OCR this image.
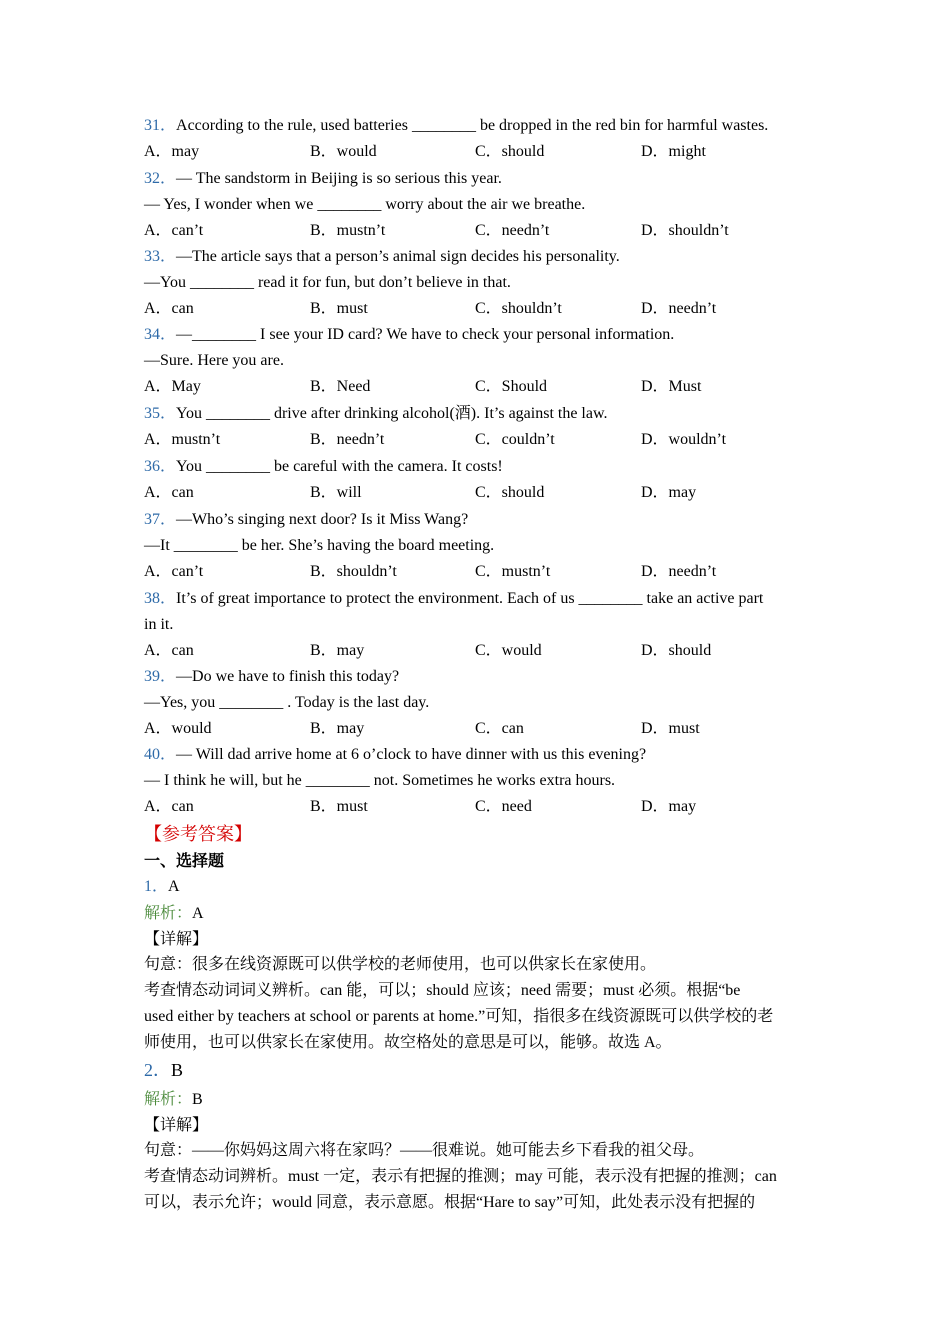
31．According to the rule, used batteries ________ be dropped in the red bin for harmful wastes.
A．may	B．would	C．should	D．might
32．— The sandstorm in Beijing is so serious this year.
— Yes, I wonder when we ________ worry about the air we breathe.
A．can’t	B．mustn’t	C．needn’t	D．shouldn’t
33．—The article says that a person’s animal sign decides his personality.
—You ________ read it for fun, but don’t believe in that.
A．can	B．must	C．shouldn’t	D．needn’t
34．—________ I see your ID card? We have to check your personal information.
—Sure. Here you are.
A．May	B．Need	C．Should	D．Must
35．You ________ drive after drinking alcohol(酒). It’s against the law.
A．mustn’t	B．needn’t	C．couldn’t	D．wouldn’t
36．You ________ be careful with the camera. It costs!
A．can	B．will	C．should	D．may
37．—Who’s singing next door? Is it Miss Wang?
—It ________ be her. She’s having the board meeting.
A．can’t	B．shouldn’t	C．mustn’t	D．needn’t
38．It’s of great importance to protect the environment. Each of us ________ take an active part
in it.
A．can	B．may	C．would	D．should
39．—Do we have to finish this today?
—Yes, you ________ . Today is the last day.
A．would	B．may	C．can	D．must
40．— Will dad arrive home at 6 o’clock to have dinner with us this evening?
— I think he will, but he ________ not. Sometimes he works extra hours.
A．can	B．must	C．need	D．may
【参考答案】
一、选择题
1．A
解析：A
【详解】
句意：很多在线资源既可以供学校的老师使用，也可以供家长在家使用。
考查情态动词词义辨析。can 能，可以；should 应该；need 需要；must 必须。根据“be
used either by teachers at school or parents at home.”可知，指很多在线资源既可以供学校的老
师使用，也可以供家长在家使用。故空格处的意思是可以，能够。故选 A。
2．B
解析：B
【详解】
句意：——你妈妈这周六将在家吗？——很难说。她可能去乡下看我的祖父母。
考查情态动词辨析。must 一定，表示有把握的推测；may 可能，表示没有把握的推测；can
可以，表示允许；would 同意，表示意愿。根据“Hare to say”可知，此处表示没有把握的
